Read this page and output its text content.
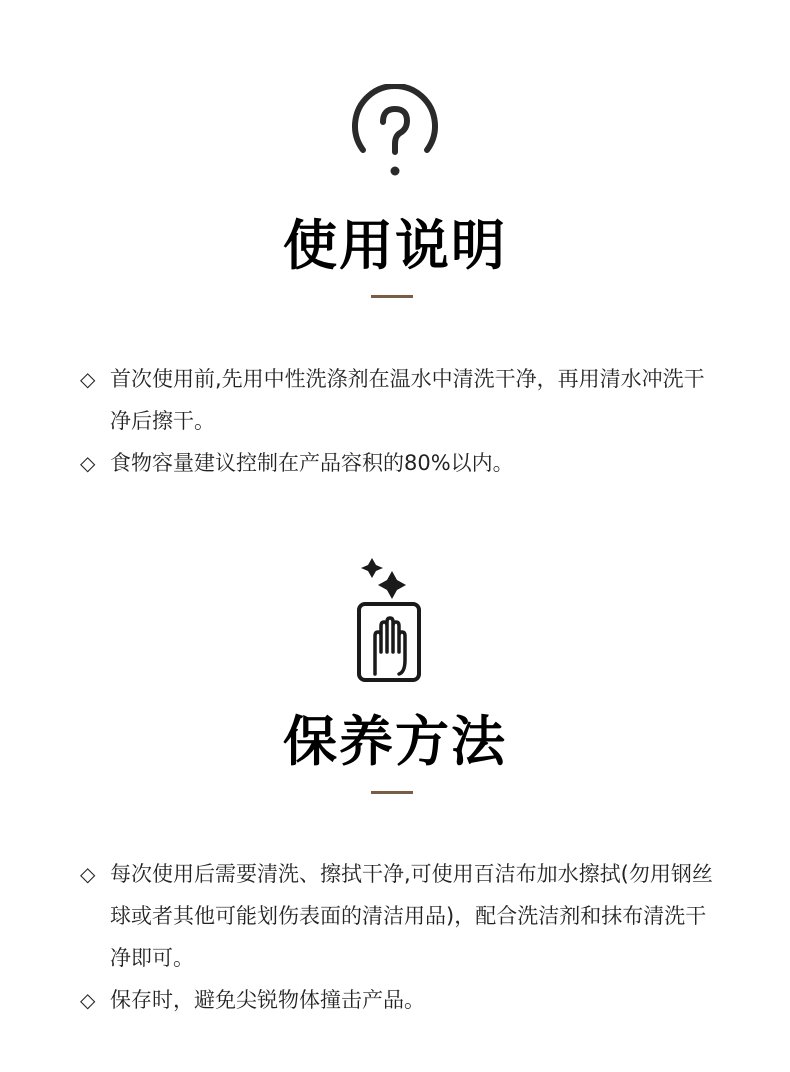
使用说明
◇ 首次使用前,先用中性洗涤剂在温水中清洗干净，再用清水冲洗干净后擦干。
◇ 食物容量建议控制在产品容积的80%以内。
保养方法
◇ 每次使用后需要清洗、擦拭干净,可使用百洁布加水擦拭(勿用钢丝球或者其他可能划伤表面的清洁用品)，配合洗洁剂和抹布清洗干净即可。
◇ 保存时，避免尖锐物体撞击产品。
